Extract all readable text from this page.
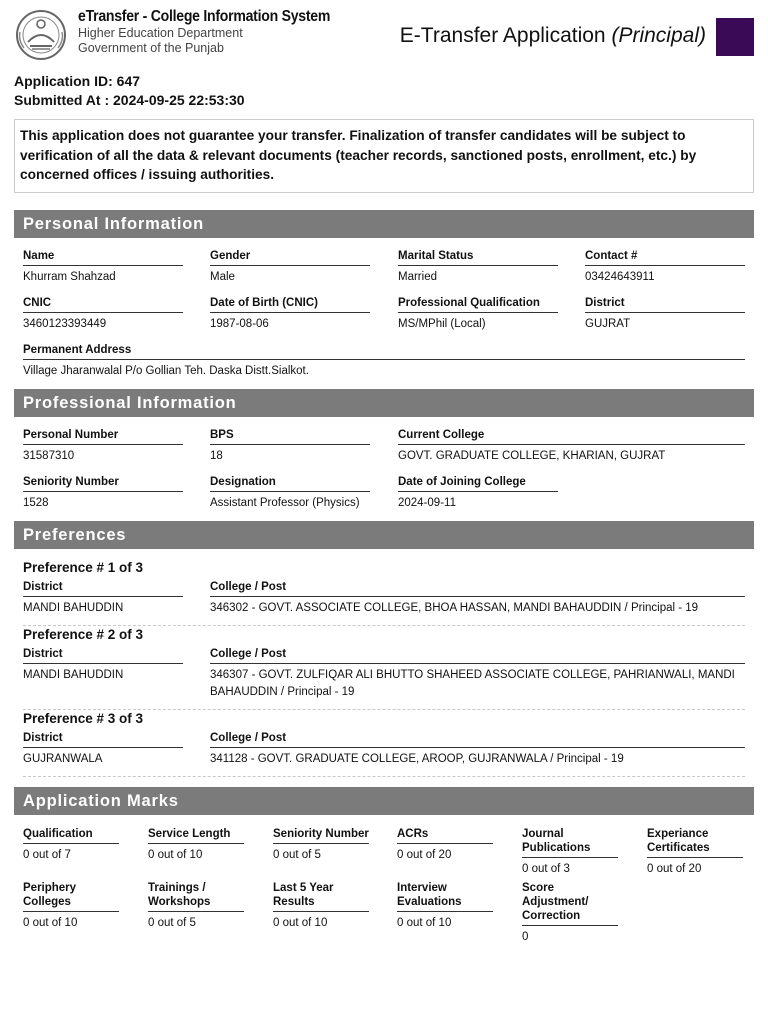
eTransfer - College Information System
Higher Education Department
Government of the Punjab
E-Transfer Application (Principal)
Application ID: 647
Submitted At : 2024-09-25 22:53:30
This application does not guarantee your transfer. Finalization of transfer candidates will be subject to verification of all the data & relevant documents (teacher records, sanctioned posts, enrollment, etc.) by concerned offices / issuing authorities.
Personal Information
Name
Khurram Shahzad
Gender
Male
Marital Status
Married
Contact #
03424643911
CNIC
3460123393449
Date of Birth (CNIC)
1987-08-06
Professional Qualification
MS/MPhil (Local)
District
GUJRAT
Permanent Address
Village Jharanwalal P/o Gollian Teh. Daska Distt.Sialkot.
Professional Information
Personal Number
31587310
BPS
18
Current College
GOVT. GRADUATE COLLEGE, KHARIAN, GUJRAT
Seniority Number
1528
Designation
Assistant Professor (Physics)
Date of Joining College
2024-09-11
Preferences
Preference # 1 of 3
District
MANDI BAHUDDIN
College / Post
346302 - GOVT. ASSOCIATE COLLEGE, BHOA HASSAN, MANDI BAHAUDDIN / Principal - 19
Preference # 2 of 3
District
MANDI BAHUDDIN
College / Post
346307 - GOVT. ZULFIQAR ALI BHUTTO SHAHEED ASSOCIATE COLLEGE, PAHRIANWALI, MANDI BAHAUDDIN / Principal - 19
Preference # 3 of 3
District
GUJRANWALA
College / Post
341128 - GOVT. GRADUATE COLLEGE, AROOP, GUJRANWALA / Principal - 19
Application Marks
Qualification
0 out of 7
Service Length
0 out of 10
Seniority Number
0 out of 5
ACRs
0 out of 20
Journal Publications
0 out of 3
Experiance Certificates
0 out of 20
Periphery Colleges
0 out of 10
Trainings / Workshops
0 out of 5
Last 5 Year Results
0 out of 10
Interview Evaluations
0 out of 10
Score Adjustment/ Correction
0
